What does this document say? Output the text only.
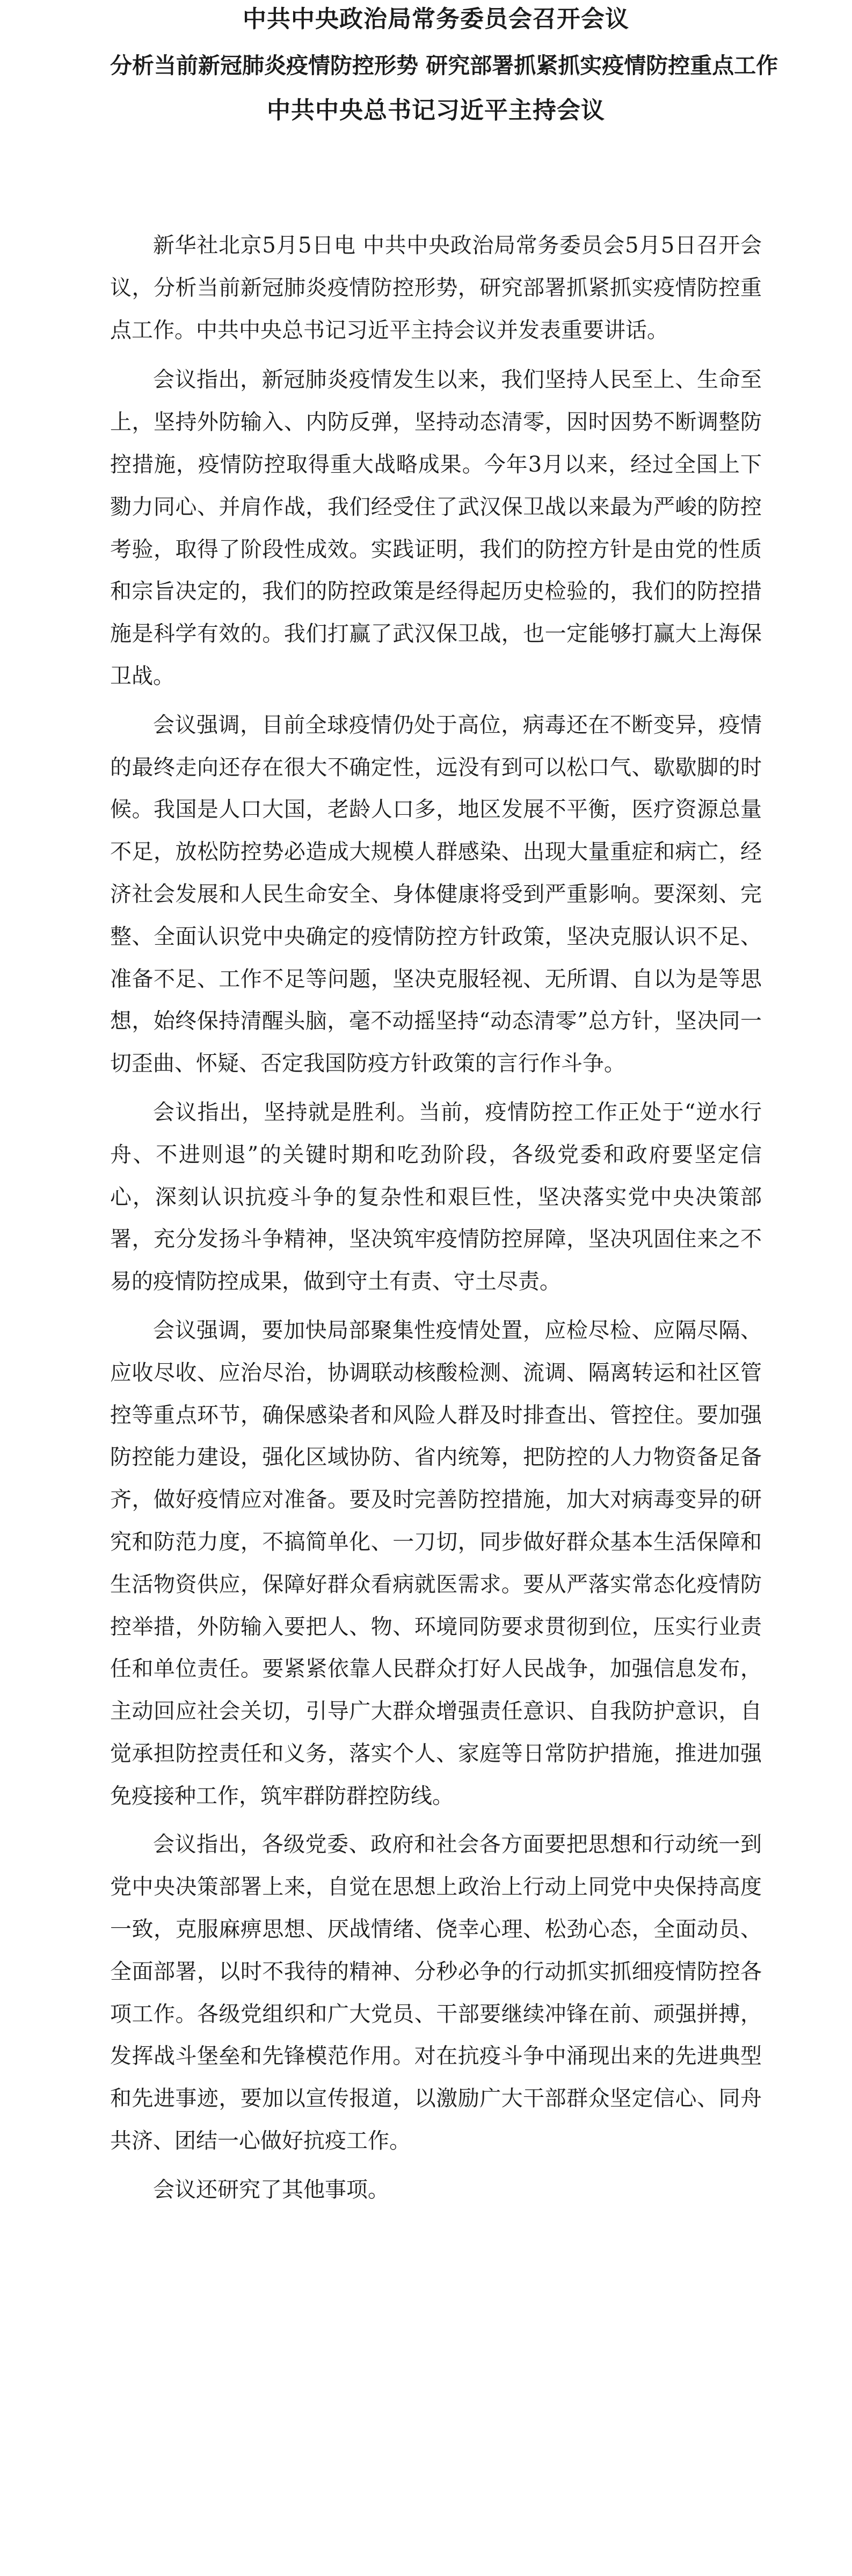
中共中央政治局常务委员会召开会议
分析当前新冠肺炎疫情防控形势 研究部署抓紧抓实疫情防控重点工作
中共中央总书记习近平主持会议

新华社北京5月5日电 中共中央政治局常务委员会5月5日召开会议，分析当前新冠肺炎疫情防控形势，研究部署抓紧抓实疫情防控重点工作。中共中央总书记习近平主持会议并发表重要讲话。

会议指出，新冠肺炎疫情发生以来，我们坚持人民至上、生命至上，坚持外防输入、内防反弹，坚持动态清零，因时因势不断调整防控措施，疫情防控取得重大战略成果。今年3月以来，经过全国上下勠力同心、并肩作战，我们经受住了武汉保卫战以来最为严峻的防控考验，取得了阶段性成效。实践证明，我们的防控方针是由党的性质和宗旨决定的，我们的防控政策是经得起历史检验的，我们的防控措施是科学有效的。我们打赢了武汉保卫战，也一定能够打赢大上海保卫战。

会议强调，目前全球疫情仍处于高位，病毒还在不断变异，疫情的最终走向还存在很大不确定性，远没有到可以松口气、歇歇脚的时候。我国是人口大国，老龄人口多，地区发展不平衡，医疗资源总量不足，放松防控势必造成大规模人群感染、出现大量重症和病亡，经济社会发展和人民生命安全、身体健康将受到严重影响。要深刻、完整、全面认识党中央确定的疫情防控方针政策，坚决克服认识不足、准备不足、工作不足等问题，坚决克服轻视、无所谓、自以为是等思想，始终保持清醒头脑，毫不动摇坚持“动态清零”总方针，坚决同一切歪曲、怀疑、否定我国防疫方针政策的言行作斗争。

会议指出，坚持就是胜利。当前，疫情防控工作正处于“逆水行舟、不进则退”的关键时期和吃劲阶段，各级党委和政府要坚定信心，深刻认识抗疫斗争的复杂性和艰巨性，坚决落实党中央决策部署，充分发扬斗争精神，坚决筑牢疫情防控屏障，坚决巩固住来之不易的疫情防控成果，做到守土有责、守土尽责。

会议强调，要加快局部聚集性疫情处置，应检尽检、应隔尽隔、应收尽收、应治尽治，协调联动核酸检测、流调、隔离转运和社区管控等重点环节，确保感染者和风险人群及时排查出、管控住。要加强防控能力建设，强化区域协防、省内统筹，把防控的人力物资备足备齐，做好疫情应对准备。要及时完善防控措施，加大对病毒变异的研究和防范力度，不搞简单化、一刀切，同步做好群众基本生活保障和生活物资供应，保障好群众看病就医需求。要从严落实常态化疫情防控举措，外防输入要把人、物、环境同防要求贯彻到位，压实行业责任和单位责任。要紧紧依靠人民群众打好人民战争，加强信息发布，主动回应社会关切，引导广大群众增强责任意识、自我防护意识，自觉承担防控责任和义务，落实个人、家庭等日常防护措施，推进加强免疫接种工作，筑牢群防群控防线。

会议指出，各级党委、政府和社会各方面要把思想和行动统一到党中央决策部署上来，自觉在思想上政治上行动上同党中央保持高度一致，克服麻痹思想、厌战情绪、侥幸心理、松劲心态，全面动员、全面部署，以时不我待的精神、分秒必争的行动抓实抓细疫情防控各项工作。各级党组织和广大党员、干部要继续冲锋在前、顽强拼搏，发挥战斗堡垒和先锋模范作用。对在抗疫斗争中涌现出来的先进典型和先进事迹，要加以宣传报道，以激励广大干部群众坚定信心、同舟共济、团结一心做好抗疫工作。

会议还研究了其他事项。
